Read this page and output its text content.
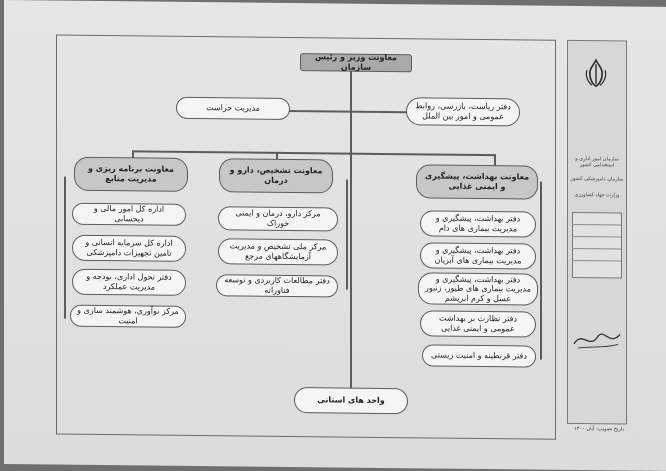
معاونت وزیر و رئیس سازمان
مدیریت حراست	دفتر ریاست، بازرسی، روابط عمومی و امور بین الملل
معاونت برنامه ریزی و مدیریت منابع
معاونت تشخیص، دارو و درمان	معاونت بهداشت، پیشگیری و ایمنی غذایی
اداره کل امور مالی و ذیحسابی
اداره کل سرمایه انسانی و تامین تجهیزات دامپزشکی
دفتر تحول اداری، بودجه و مدیریت عملکرد
مرکز نوآوری، هوشمند سازی و امنیت
مرکز دارو، درمان و ایمنی خوراک
مرکز ملی تشخیص و مدیریت آزمایشگاههای مرجع
دفتر مطالعات کاربردی و توسعه فناورانه
دفتر بهداشت، پیشگیری و مدیریت بیماری های دام
دفتر بهداشت، پیشگیری و مدیریت بیماری های آبزیان
دفتر بهداشت، پیشگیری و مدیریت بیماری های طیور، زنبور عسل و کرم ابریشم
دفتر نظارت بر بهداشت عمومی و ایمنی غذایی
دفتر قرنطینه و امنیت زیستی
واحد های استانی
سازمان امور اداری و استخدامی کشور
سازمان دامپزشکی کشور
وزارت جهاد کشاورزی
تاریخ تصویب: آبان ۱۴۰۰
